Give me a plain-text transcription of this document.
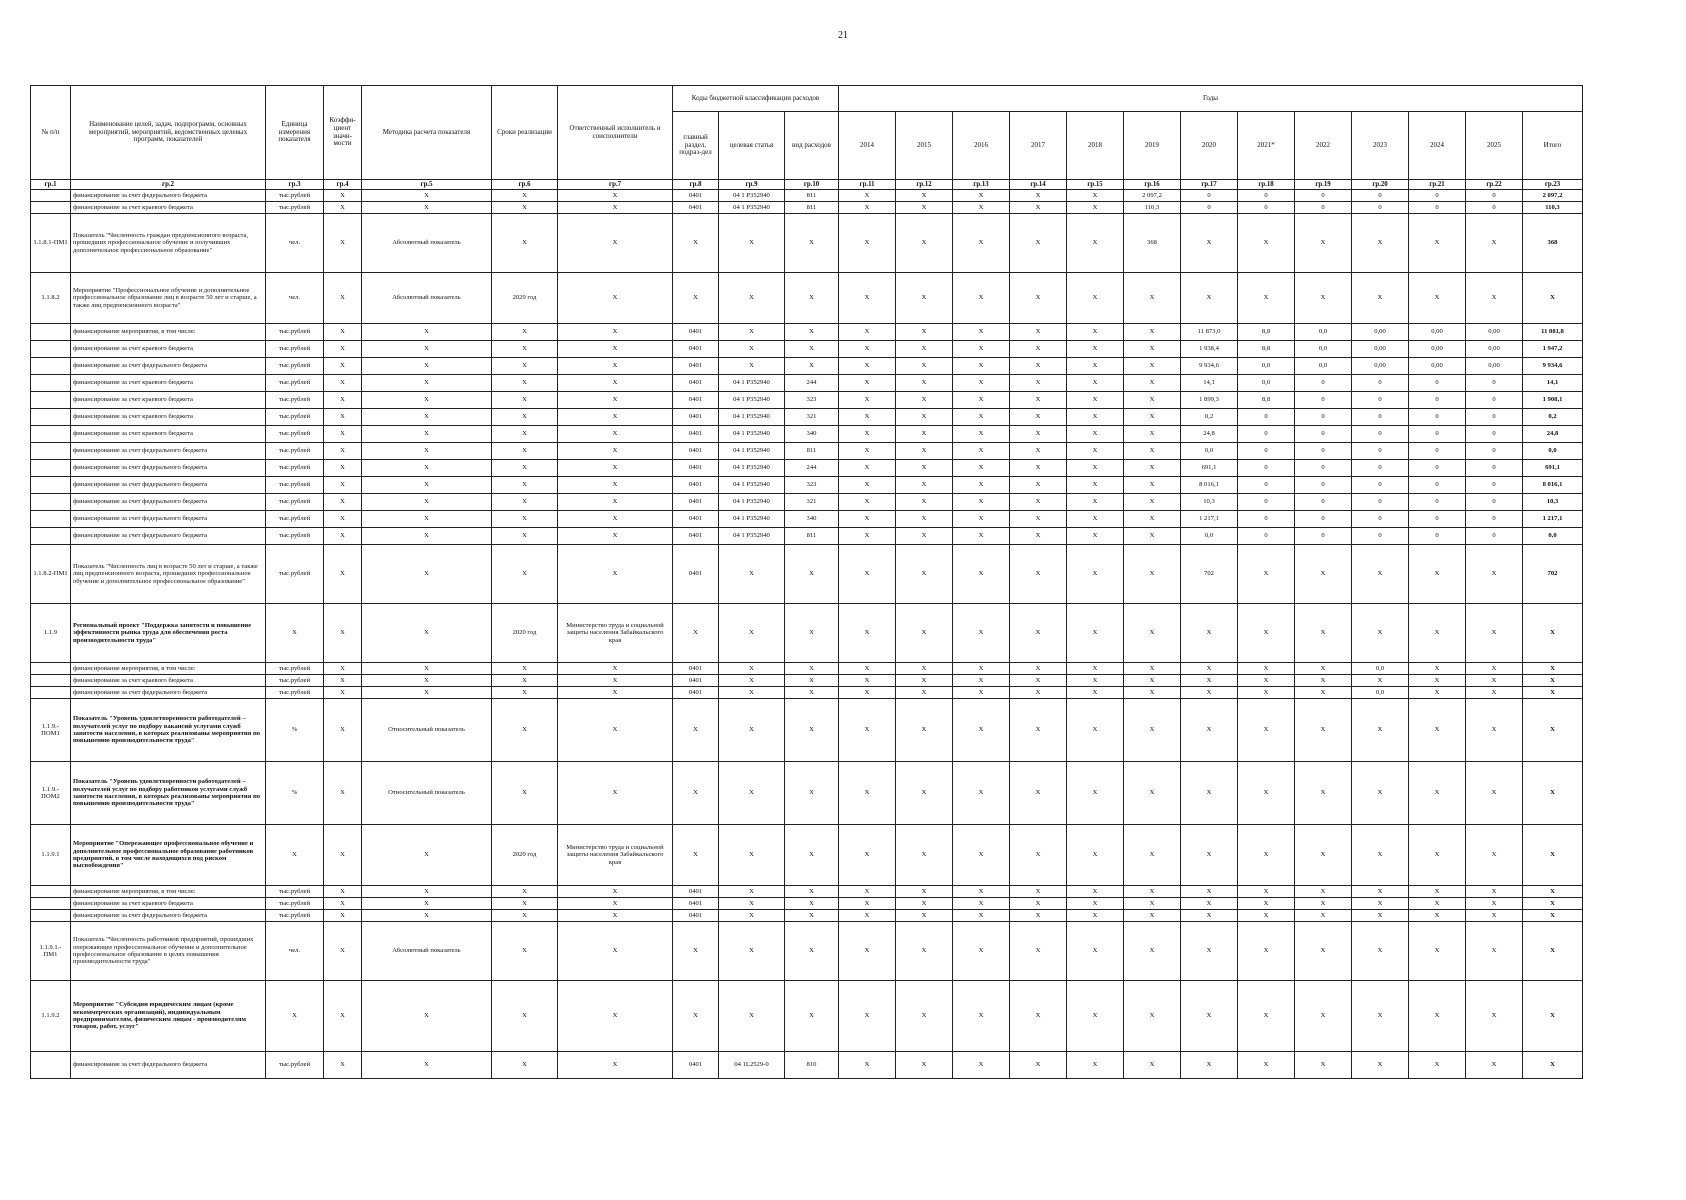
21
№ п/п	Наименование целей, задач, подпрограмм, основных мероприятий, мероприятий, ведомственных целевых программ, показателей	Единица измерения показателя	Коэффи-циент значи-мости	Методика расчета показателя	Сроки реализации	Ответственный исполнитель и соисполнители	Коды бюджетной классификации расходов			Годы												
							главный раздел, подраз-дел	целевая статья	вид расходов	2014	2015	2016	2017	2018	2019	2020	2021*	2022	2023	2024	2025	Итого
гр.1	гр.2	гр.3	гр.4	гр.5	гр.6	гр.7	гр.8	гр.9	гр.10	гр.11	гр.12	гр.13	гр.14	гр.15	гр.16	гр.17	гр.18	гр.19	гр.20	гр.21	гр.22	гр.23
	финансирование за счет федерального бюджета	тыс.рублей	X	X	X	X	0401	04 1 P352940	811	X	X	X	X	X	2 097,2	0	0	0	0	0	0	2 097,2
	финансирование за счет краевого бюджета	тыс.рублей	X	X	X	X	0401	04 1 P352940	811	X	X	X	X	X	110,3	0	0	0	0	0	0	110,3
1.1.8.1-ПМ1	Показатель "Численность граждан предпенсионного возраста, прошедших профессиональное обучение и получивших дополнительное профессиональное образование"	чел.	X	Абсолютный показатель	X	X	X	X	X	X	X	X	X	X	368	X	X	X	X	X	X	368
1.1.8.2	Мероприятие "Профессиональное обучение и дополнительное профессиональное образование лиц в возрасте 50 лет и старше, а также лиц предпенсионного возраста"	чел.	X	Абсолютный показатель	2020 год	X	X	X	X	X	X	X	X	X	X	X	X	X	X	X	X	X
	финансирование мероприятия, в том числе:	тыс.рублей	X	X	X	X	0401	X	X	X	X	X	X	X	X	11 873,0	8,8	0,0	0,00	0,00	0,00	11 881,8
	финансирование за счет краевого бюджета	тыс.рублей	X	X	X	X	0401	X	X	X	X	X	X	X	X	1 938,4	8,8	0,0	0,00	0,00	0,00	1 947,2
	финансирование за счет федерального бюджета	тыс.рублей	X	X	X	X	0401	X	X	X	X	X	X	X	X	9 934,6	0,0	0,0	0,00	0,00	0,00	9 934,6
	финансирование за счет краевого бюджета	тыс.рублей	X	X	X	X	0401	04 1 P352940	244	X	X	X	X	X	X	14,1	0,0	0	0	0	0	14,1
	финансирование за счет краевого бюджета	тыс.рублей	X	X	X	X	0401	04 1 P352940	323	X	X	X	X	X	X	1 899,3	8,8	0	0	0	0	1 908,1
	финансирование за счет краевого бюджета	тыс.рублей	X	X	X	X	0401	04 1 P352940	321	X	X	X	X	X	X	0,2	0	0	0	0	0	0,2
	финансирование за счет краевого бюджета	тыс.рублей	X	X	X	X	0401	04 1 P352940	340	X	X	X	X	X	X	24,8	0	0	0	0	0	24,8
	финансирование за счет федерального бюджета	тыс.рублей	X	X	X	X	0401	04 1 P352940	811	X	X	X	X	X	X	0,0	0	0	0	0	0	0,0
	финансирование за счет федерального бюджета	тыс.рублей	X	X	X	X	0401	04 1 P352940	244	X	X	X	X	X	X	691,1	0	0	0	0	0	691,1
	финансирование за счет федерального бюджета	тыс.рублей	X	X	X	X	0401	04 1 P352940	323	X	X	X	X	X	X	8 016,1	0	0	0	0	0	8 016,1
	финансирование за счет федерального бюджета	тыс.рублей	X	X	X	X	0401	04 1 P352940	321	X	X	X	X	X	X	10,3	0	0	0	0	0	10,3
	финансирование за счет федерального бюджета	тыс.рублей	X	X	X	X	0401	04 1 P352940	340	X	X	X	X	X	X	1 217,1	0	0	0	0	0	1 217,1
	финансирование за счет федерального бюджета	тыс.рублей	X	X	X	X	0401	04 1 P352940	811	X	X	X	X	X	X	0,0	0	0	0	0	0	0,0
1.1.8.2-ПМ1	Показатель "Численность лиц в возрасте 50 лет и старше, а также лиц предпенсионного возраста, прошедших профессиональное обучение и дополнительное профессиональное образование"	тыс.рублей	X	X	X	X	0401	X	X	X	X	X	X	X	X	702	X	X	X	X	X	702
1.1.9	Региональный проект "Поддержка занятости и повышение эффективности рынка труда для обеспечения роста производительности труда"	X	X	X	2020 год	Министерство труда и социальной защиты населения Забайкальского края	X	X	X	X	X	X	X	X	X	X	X	X	X	X	X	X
	финансирование мероприятия, в том числе:	тыс.рублей	X	X	X	X	0401	X	X	X	X	X	X	X	X	X	X	X	0,0	X	X	X
	финансирование за счет краевого бюджета	тыс.рублей	X	X	X	X	0401	X	X	X	X	X	X	X	X	X	X	X	X	X	X	X
	финансирование за счет федерального бюджета	тыс.рублей	X	X	X	X	0401	X	X	X	X	X	X	X	X	X	X	X	0,0	X	X	X
1.1.9.-ПОМ1	Показатель "Уровень удовлетворенности работодателей – получателей услуг по подбору вакансий услугами служб занятости населения, в которых реализованы мероприятия по повышению производительности труда"	%	X	Относительный показатель	X	X	X	X	X	X	X	X	X	X	X	X	X	X	X	X	X	X
1.1.9.-ПОМ2	Показатель "Уровень удовлетворенности работодателей – получателей услуг по подбору работников услугами служб занятости населения, в которых реализованы мероприятия по повышению производительности труда"	%	X	Относительный показатель	X	X	X	X	X	X	X	X	X	X	X	X	X	X	X	X	X	X
1.1.9.1	Мероприятие "Опережающее профессиональное обучение и дополнительное профессиональное образование работников предприятий, в том числе находящихся под риском высвобождения"	X	X	X	2020 год	Министерство труда и социальной защиты населения Забайкальского края	X	X	X	X	X	X	X	X	X	X	X	X	X	X	X	X
	финансирование мероприятия, в том числе:	тыс.рублей	X	X	X	X	0401	X	X	X	X	X	X	X	X	X	X	X	X	X	X	X
	финансирование за счет краевого бюджета	тыс.рублей	X	X	X	X	0401	X	X	X	X	X	X	X	X	X	X	X	X	X	X	X
	финансирование за счет федерального бюджета	тыс.рублей	X	X	X	X	0401	X	X	X	X	X	X	X	X	X	X	X	X	X	X	X
1.1.9.1.-ПМ1	Показатель "Численность работников предприятий, прошедших опережающее профессиональное обучение и дополнительное профессиональное образование в целях повышения производительности труда"	чел.	X	Абсолютный показатель	X	X	X	X	X	X	X	X	X	X	X	X	X	X	X	X	X	X
1.1.9.2	Мероприятие "Субсидии юридическим лицам (кроме некоммерческих организаций), индивидуальным предпринимателям, физическим лицам - производителям товаров, работ, услуг"	X	X	X	X	X	X	X	X	X	X	X	X	X	X	X	X	X	X	X	X	X
	финансирование за счет федерального бюджета	тыс.рублей	X	X	X	X	0401	04 1L2529-0	810	X	X	X	X	X	X	X	X	X	X	X	X	X
